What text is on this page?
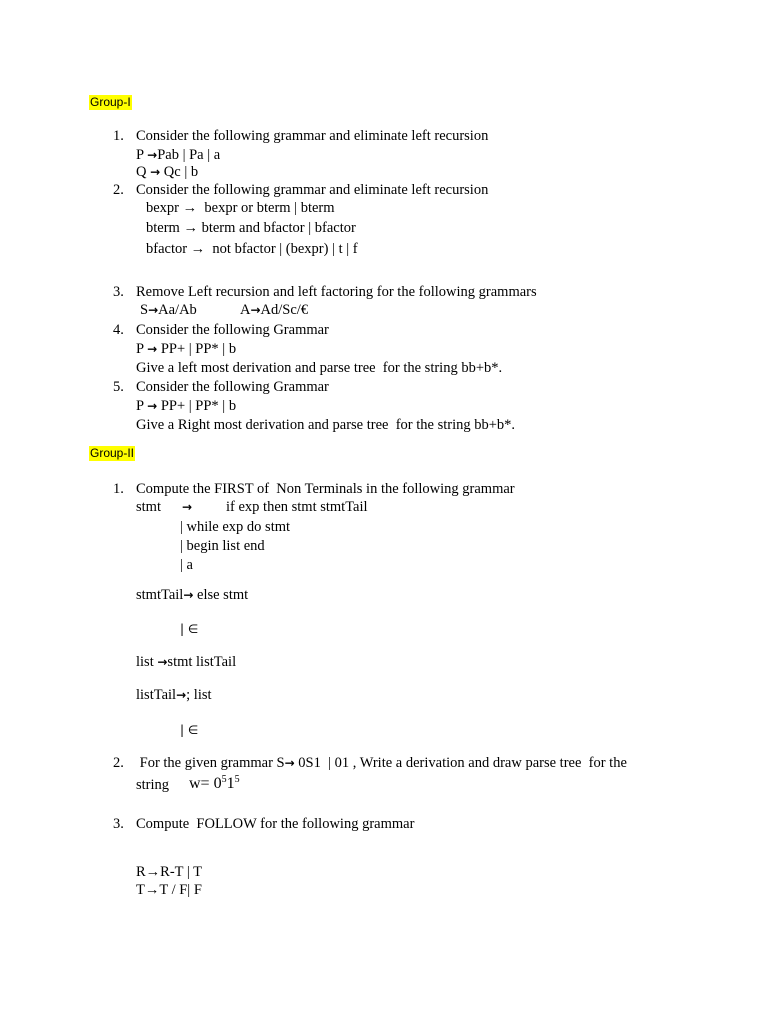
Group-I
1. Consider the following grammar and eliminate left recursion
P →Pab | Pa | a
Q → Qc | b
2. Consider the following grammar and eliminate left recursion
bexpr →  bexpr or bterm | bterm
bterm → bterm and bfactor | bfactor
bfactor →  not bfactor | (bexpr) | t | f
3. Remove Left recursion and left factoring for the following grammars
S→Aa/Ab	A→Ad/Sc/€
4. Consider the following Grammar
P → PP+ | PP* | b
Give a left most derivation and parse tree  for the string bb+b*.
5. Consider the following Grammar
P → PP+ | PP* | b
Give a Right most derivation and parse tree  for the string bb+b*.
Group-II
1. Compute the FIRST of  Non Terminals in the following grammar
stmt → if exp then stmt stmtTail
| while exp do stmt
| begin list end
| a
stmtTail→ else stmt
| ∈
list →stmt listTail
listTail→; list
| ∈
2. For the given grammar S→ 0S1  | 01 , Write a derivation and draw parse tree  for the
string $w= 0^51^5$
3. Compute  FOLLOW for the following grammar
R→R-T | T
T→T / F| F
